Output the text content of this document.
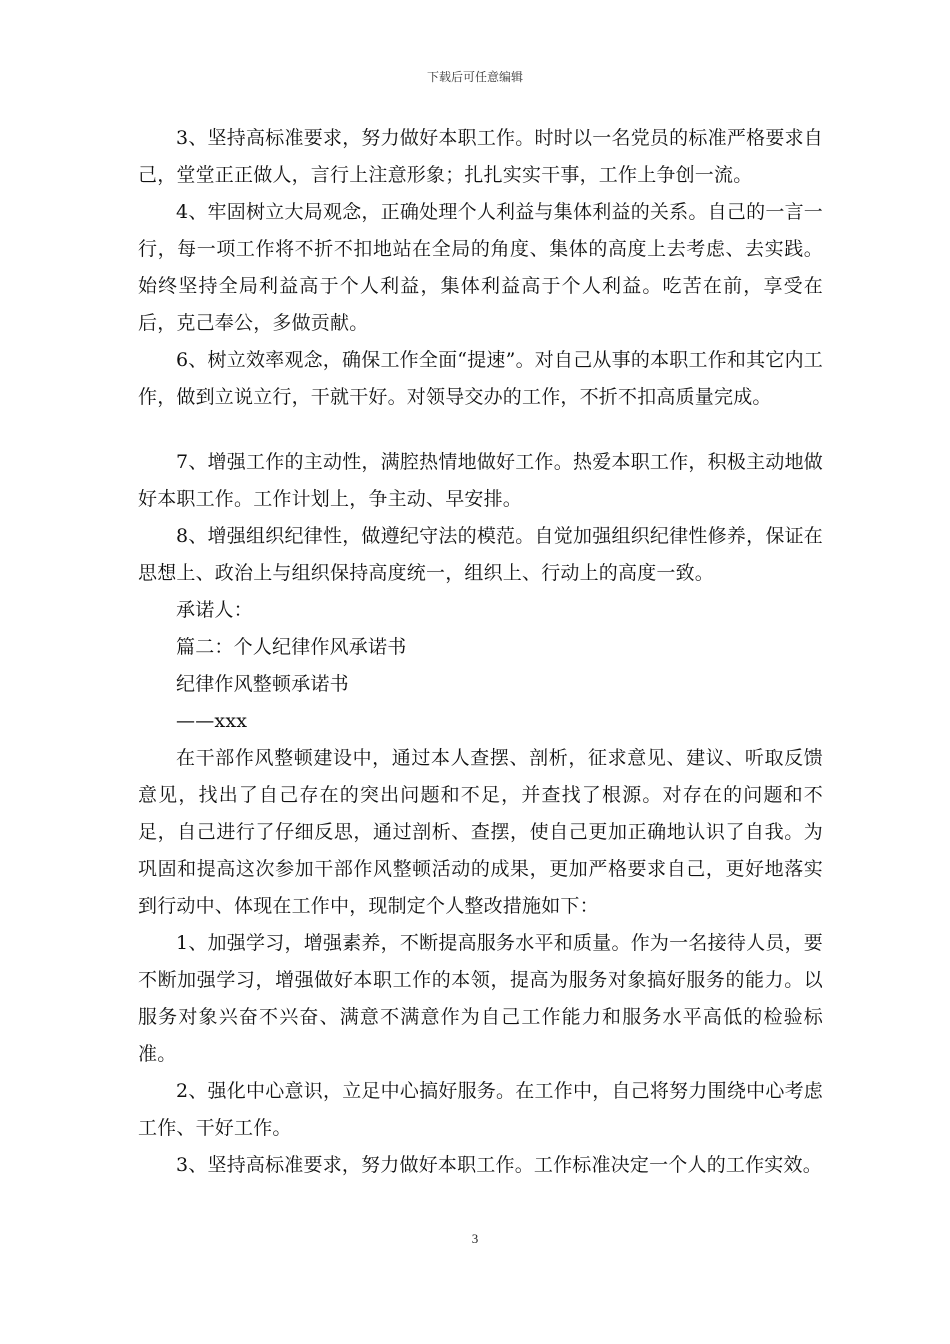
下载后可任意编辑

3、坚持高标准要求，努力做好本职工作。时时以一名党员的标准严格要求自己，堂堂正正做人，言行上注意形象；扎扎实实干事，工作上争创一流。

4、牢固树立大局观念，正确处理个人利益与集体利益的关系。自己的一言一行，每一项工作将不折不扣地站在全局的角度、集体的高度上去考虑、去实践。始终坚持全局利益高于个人利益，集体利益高于个人利益。吃苦在前，享受在后，克己奉公，多做贡献。

6、树立效率观念，确保工作全面“提速”。对自己从事的本职工作和其它内工作，做到立说立行，干就干好。对领导交办的工作，不折不扣高质量完成。

7、增强工作的主动性，满腔热情地做好工作。热爱本职工作，积极主动地做好本职工作。工作计划上，争主动、早安排。

8、增强组织纪律性，做遵纪守法的模范。自觉加强组织纪律性修养，保证在思想上、政治上与组织保持高度统一，组织上、行动上的高度一致。

承诺人：

篇二：个人纪律作风承诺书

纪律作风整顿承诺书

——xxx

在干部作风整顿建设中，通过本人查摆、剖析，征求意见、建议、听取反馈意见，找出了自己存在的突出问题和不足，并查找了根源。对存在的问题和不足，自己进行了仔细反思，通过剖析、查摆，使自己更加正确地认识了自我。为巩固和提高这次参加干部作风整顿活动的成果，更加严格要求自己，更好地落实到行动中、体现在工作中，现制定个人整改措施如下：

1、加强学习，增强素养，不断提高服务水平和质量。作为一名接待人员，要不断加强学习，增强做好本职工作的本领，提高为服务对象搞好服务的能力。以服务对象兴奋不兴奋、满意不满意作为自己工作能力和服务水平高低的检验标准。

2、强化中心意识，立足中心搞好服务。在工作中，自己将努力围绕中心考虑工作、干好工作。

3、坚持高标准要求，努力做好本职工作。工作标准决定一个人的工作实效。

3
